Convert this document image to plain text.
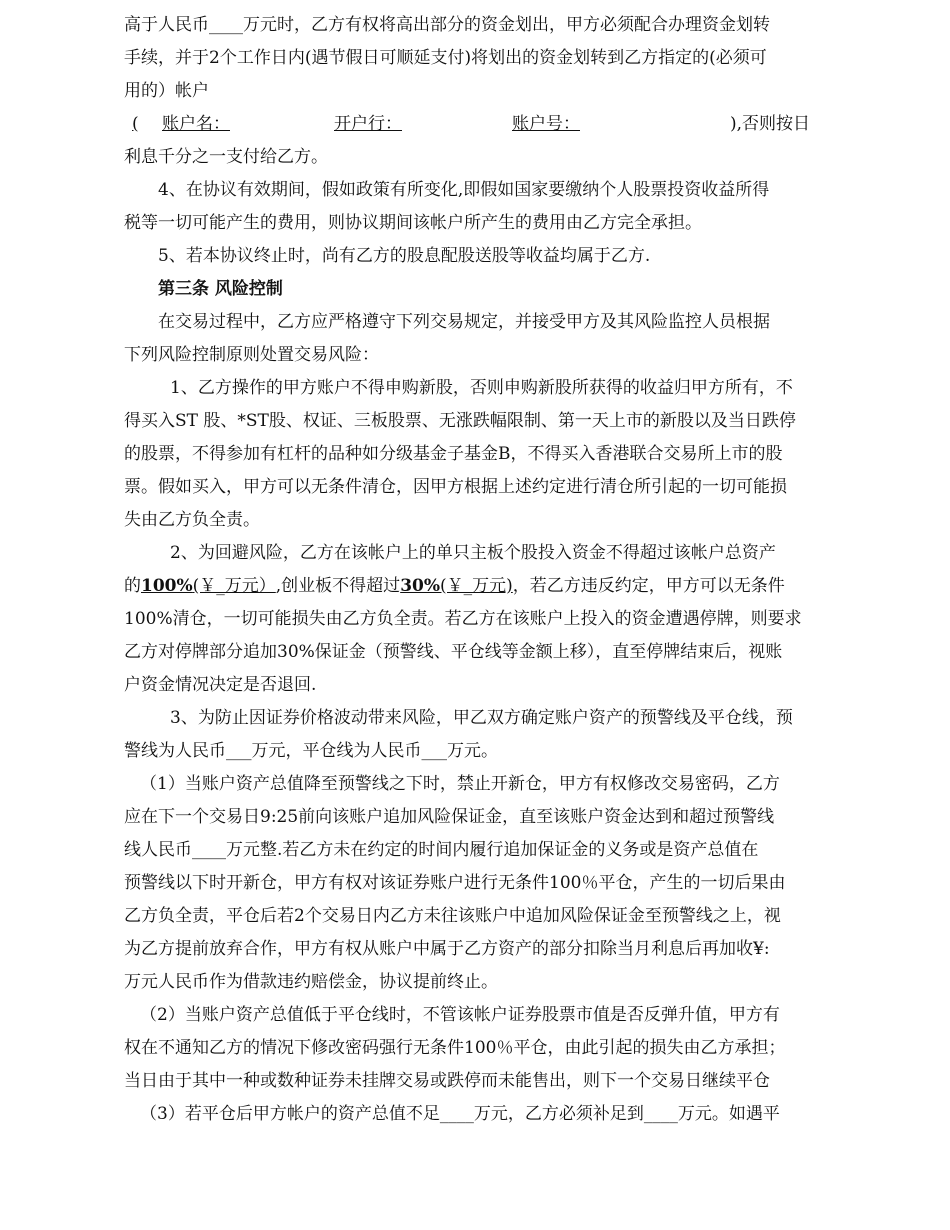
高于人民币____万元时，乙方有权将高出部分的资金划出，甲方必须配合办理资金划转
手续，并于2个工作日内(遇节假日可顺延支付)将划出的资金划转到乙方指定的(必须可
用的）帐户
( 账户名：	开户行：	账户号：	),否则按日
利息千分之一支付给乙方。
4、在协议有效期间，假如政策有所变化,即假如国家要缴纳个人股票投资收益所得
税等一切可能产生的费用，则协议期间该帐户所产生的费用由乙方完全承担。
5、若本协议终止时，尚有乙方的股息配股送股等收益均属于乙方.
第三条 风险控制
在交易过程中，乙方应严格遵守下列交易规定，并接受甲方及其风险监控人员根据
下列风险控制原则处置交易风险：
1、乙方操作的甲方账户不得申购新股，否则申购新股所获得的收益归甲方所有，不
得买入ST 股、*ST股、权证、三板股票、无涨跌幅限制、第一天上市的新股以及当日跌停
的股票，不得参加有杠杆的品种如分级基金子基金B，不得买入香港联合交易所上市的股
票。假如买入，甲方可以无条件清仓，因甲方根据上述约定进行清仓所引起的一切可能损
失由乙方负全责。
2、为回避风险，乙方在该帐户上的单只主板个股投入资金不得超过该帐户总资产
的100%(￥_万元）,创业板不得超过30%(￥_万元)，若乙方违反约定，甲方可以无条件
100%清仓，一切可能损失由乙方负全责。若乙方在该账户上投入的资金遭遇停牌，则要求
乙方对停牌部分追加30%保证金（预警线、平仓线等金额上移），直至停牌结束后，视账
户资金情况决定是否退回.
3、为防止因证券价格波动带来风险，甲乙双方确定账户资产的预警线及平仓线，预
警线为人民币___万元，平仓线为人民币___万元。
（1）当账户资产总值降至预警线之下时，禁止开新仓，甲方有权修改交易密码，乙方
应在下一个交易日9:25前向该账户追加风险保证金，直至该账户资金达到和超过预警线
线人民币____万元整.若乙方未在约定的时间内履行追加保证金的义务或是资产总值在
预警线以下时开新仓，甲方有权对该证券账户进行无条件100％平仓，产生的一切后果由
乙方负全责，平仓后若2个交易日内乙方未往该账户中追加风险保证金至预警线之上，视
为乙方提前放弃合作，甲方有权从账户中属于乙方资产的部分扣除当月利息后再加收¥:
万元人民币作为借款违约赔偿金，协议提前终止。
（2）当账户资产总值低于平仓线时，不管该帐户证券股票市值是否反弹升值，甲方有
权在不通知乙方的情况下修改密码强行无条件100％平仓，由此引起的损失由乙方承担；
当日由于其中一种或数种证券未挂牌交易或跌停而未能售出，则下一个交易日继续平仓
（3）若平仓后甲方帐户的资产总值不足____万元，乙方必须补足到____万元。如遇平
